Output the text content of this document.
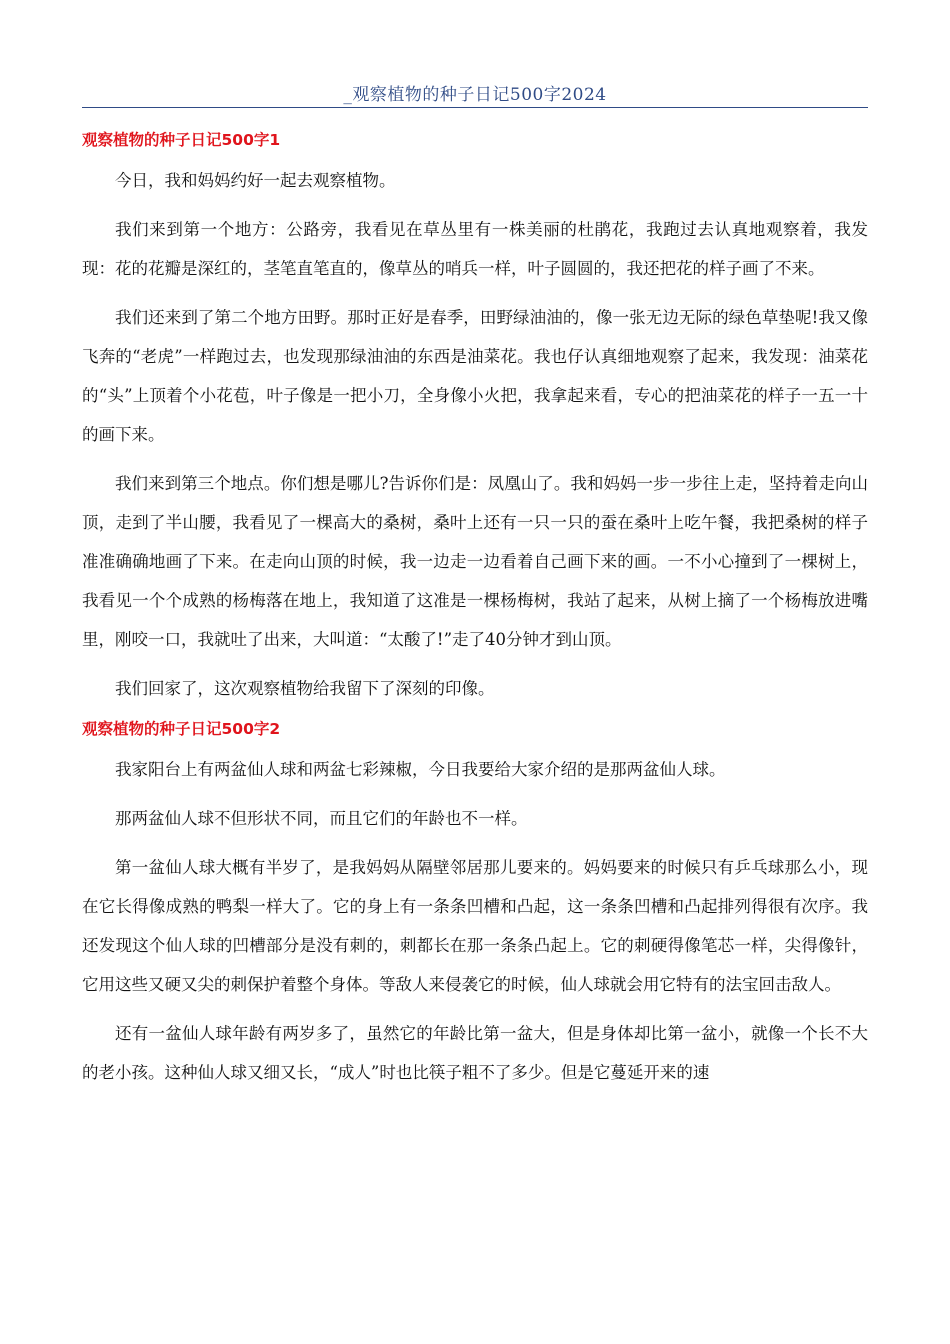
_观察植物的种子日记500字2024
观察植物的种子日记500字1

今日，我和妈妈约好一起去观察植物。

我们来到第一个地方：公路旁，我看见在草丛里有一株美丽的杜鹃花，我跑过去认真地观察着，我发现：花的花瓣是深红的，茎笔直笔直的，像草丛的哨兵一样，叶子圆圆的，我还把花的样子画了不来。

我们还来到了第二个地方田野。那时正好是春季，田野绿油油的，像一张无边无际的绿色草垫呢!我又像飞奔的“老虎”一样跑过去，也发现那绿油油的东西是油菜花。我也仔认真细地观察了起来，我发现：油菜花的“头”上顶着个小花苞，叶子像是一把小刀，全身像小火把，我拿起来看，专心的把油菜花的样子一五一十的画下来。

我们来到第三个地点。你们想是哪儿?告诉你们是：凤凰山了。我和妈妈一步一步往上走，坚持着走向山顶，走到了半山腰，我看见了一棵高大的桑树，桑叶上还有一只一只的蚕在桑叶上吃午餐，我把桑树的样子准准确确地画了下来。在走向山顶的时候，我一边走一边看着自己画下来的画。一不小心撞到了一棵树上，我看见一个个成熟的杨梅落在地上，我知道了这准是一棵杨梅树，我站了起来，从树上摘了一个杨梅放进嘴里，刚咬一口，我就吐了出来，大叫道：“太酸了!”走了40分钟才到山顶。

我们回家了，这次观察植物给我留下了深刻的印像。

观察植物的种子日记500字2

我家阳台上有两盆仙人球和两盆七彩辣椒，今日我要给大家介绍的是那两盆仙人球。

那两盆仙人球不但形状不同，而且它们的年龄也不一样。

第一盆仙人球大概有半岁了，是我妈妈从隔壁邻居那儿要来的。妈妈要来的时候只有乒乓球那么小，现在它长得像成熟的鸭梨一样大了。它的身上有一条条凹槽和凸起，这一条条凹槽和凸起排列得很有次序。我还发现这个仙人球的凹槽部分是没有刺的，刺都长在那一条条凸起上。它的刺硬得像笔芯一样，尖得像针，它用这些又硬又尖的刺保护着整个身体。等敌人来侵袭它的时候，仙人球就会用它特有的法宝回击敌人。

还有一盆仙人球年龄有两岁多了，虽然它的年龄比第一盆大，但是身体却比第一盆小，就像一个长不大的老小孩。这种仙人球又细又长，“成人”时也比筷子粗不了多少。但是它蔓延开来的速
